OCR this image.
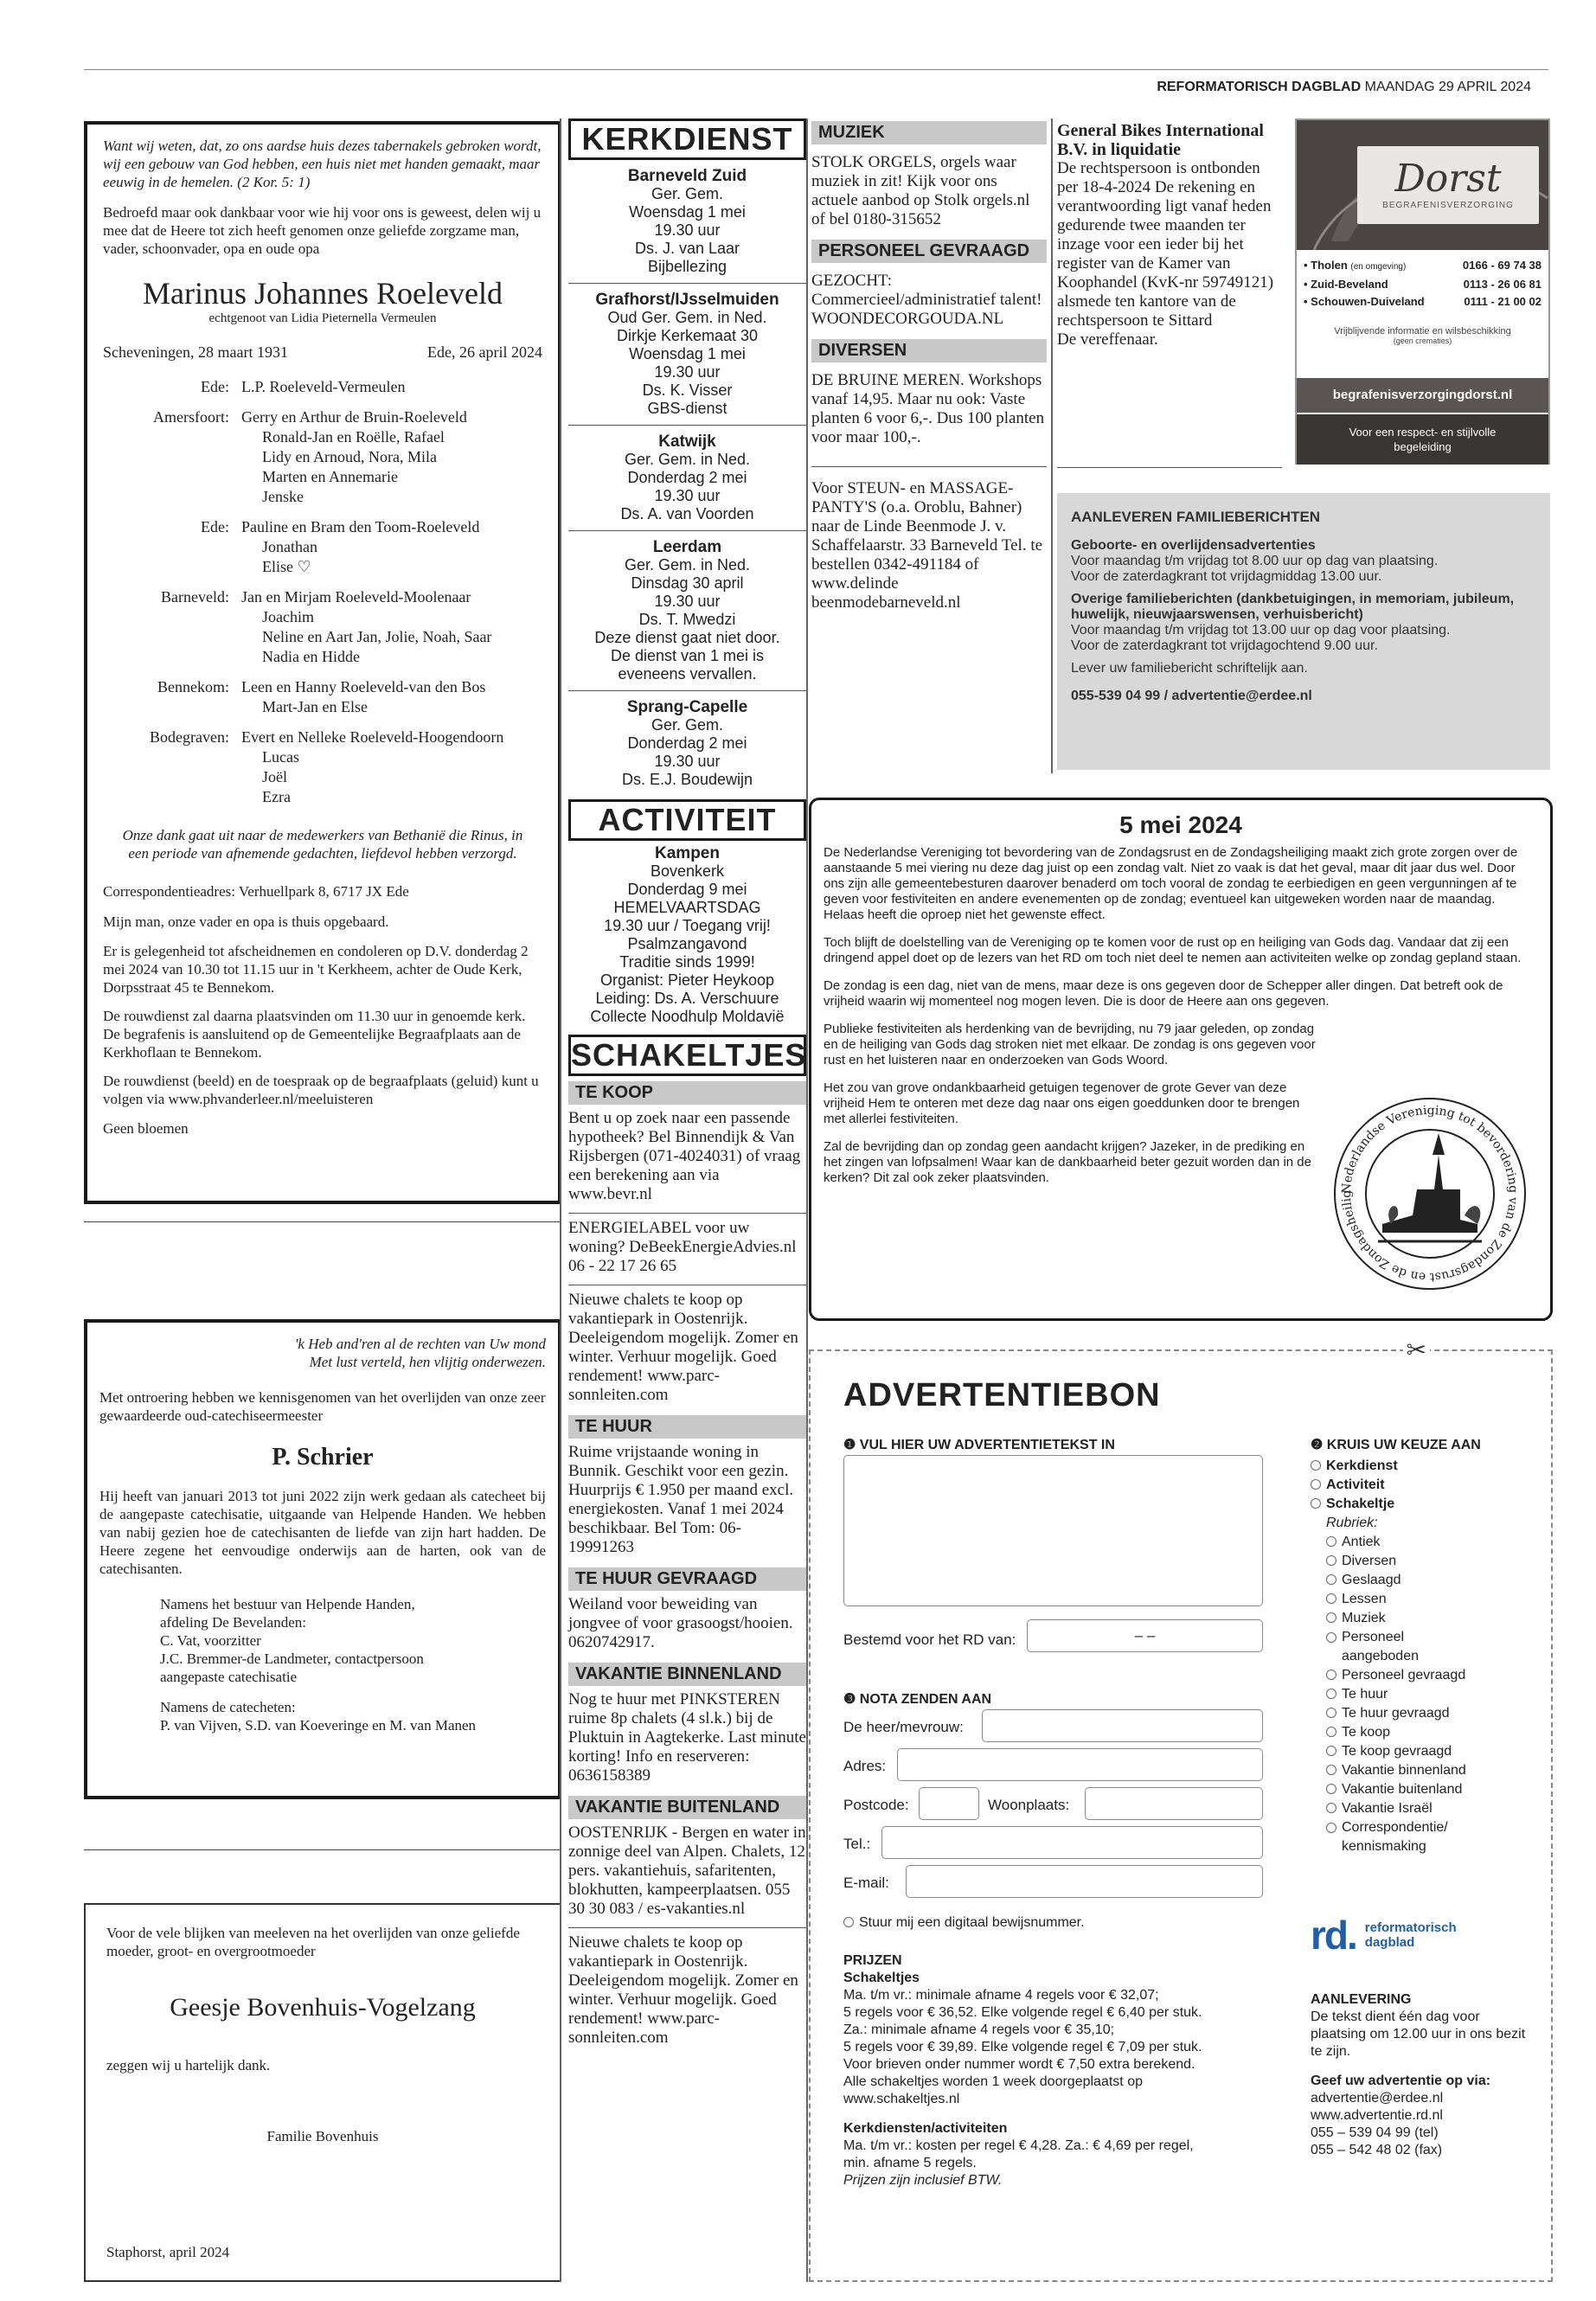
REFORMATORISCH DAGBLAD MAANDAG 29 APRIL 2024
Want wij weten, dat, zo ons aardse huis dezes tabernakels gebroken wordt, wij een gebouw van God hebben, een huis niet met handen gemaakt, maar eeuwig in de hemelen. (2 Kor. 5: 1)
Bedroefd maar ook dankbaar voor wie hij voor ons is geweest, delen wij u mee dat de Heere tot zich heeft genomen onze geliefde zorgzame man, vader, schoonvader, opa en oude opa
Marinus Johannes Roeleveld
echtgenoot van Lidia Pieternella Vermeulen
Scheveningen, 28 maart 1931	Ede, 26 april 2024
Ede: L.P. Roeleveld-Vermeulen
Amersfoort: Gerry en Arthur de Bruin-Roeleveld
Ronald-Jan en Roëlle, Rafael
Lidy en Arnoud, Nora, Mila
Marten en Annemarie
Jenske
Ede: Pauline en Bram den Toom-Roeleveld
Jonathan
Elise ♡
Barneveld: Jan en Mirjam Roeleveld-Moolenaar
Joachim
Neline en Aart Jan, Jolie, Noah, Saar
Nadia en Hidde
Bennekom: Leen en Hanny Roeleveld-van den Bos
Mart-Jan en Else
Bodegraven: Evert en Nelleke Roeleveld-Hoogendoorn
Lucas
Joël
Ezra
Onze dank gaat uit naar de medewerkers van Bethanië die Rinus, in een periode van afnemende gedachten, liefdevol hebben verzorgd.
Correspondentieadres: Verhuellpark 8, 6717 JX Ede
Mijn man, onze vader en opa is thuis opgebaard.
Er is gelegenheid tot afscheidnemen en condoleren op D.V. donderdag 2 mei 2024 van 10.30 tot 11.15 uur in 't Kerkheem, achter de Oude Kerk, Dorpsstraat 45 te Bennekom.
De rouwdienst zal daarna plaatsvinden om 11.30 uur in genoemde kerk. De begrafenis is aansluitend op de Gemeentelijke Begraafplaats aan de Kerkhoflaan te Bennekom.
De rouwdienst (beeld) en de toespraak op de begraafplaats (geluid) kunt u volgen via www.phvanderleer.nl/meeluisteren
Geen bloemen
'k Heb and'ren al de rechten van Uw mond
Met lust verteld, hen vlijtig onderwezen.
Met ontroering hebben we kennisgenomen van het overlijden van onze zeer gewaardeerde oud-catechiseermeester
P. Schrier
Hij heeft van januari 2013 tot juni 2022 zijn werk gedaan als catecheet bij de aangepaste catechisatie, uitgaande van Helpende Handen. We hebben van nabij gezien hoe de catechisanten de liefde van zijn hart hadden. De Heere zegene het eenvoudige onderwijs aan de harten, ook van de catechisanten.
Namens het bestuur van Helpende Handen,
afdeling De Bevelanden:
C. Vat, voorzitter
J.C. Bremmer-de Landmeter, contactpersoon
aangepaste catechisatie
Namens de catecheten:
P. van Vijven, S.D. van Koeveringe en M. van Manen
Voor de vele blijken van meeleven na het overlijden van onze geliefde moeder, groot- en overgrootmoeder
Geesje Bovenhuis-Vogelzang
zeggen wij u hartelijk dank.
Familie Bovenhuis
Staphorst, april 2024
KERKDIENST
Barneveld Zuid
Ger. Gem.
Woensdag 1 mei
19.30 uur
Ds. J. van Laar
Bijbellezing
Grafhorst/IJsselmuiden
Oud Ger. Gem. in Ned.
Dirkje Kerkemaat 30
Woensdag 1 mei
19.30 uur
Ds. K. Visser
GBS-dienst
Katwijk
Ger. Gem. in Ned.
Donderdag 2 mei
19.30 uur
Ds. A. van Voorden
Leerdam
Ger. Gem. in Ned.
Dinsdag 30 april
19.30 uur
Ds. T. Mwedzi
Deze dienst gaat niet door.
De dienst van 1 mei is
eveneens vervallen.
Sprang-Capelle
Ger. Gem.
Donderdag 2 mei
19.30 uur
Ds. E.J. Boudewijn
ACTIVITEIT
Kampen
Bovenkerk
Donderdag 9 mei
HEMELVAARTSDAG
19.30 uur / Toegang vrij!
Psalmzangavond
Traditie sinds 1999!
Organist: Pieter Heykoop
Leiding: Ds. A. Verschuure
Collecte Noodhulp Moldavië
SCHAKELTJES
TE KOOP
Bent u op zoek naar een passende hypotheek? Bel Binnendijk & Van Rijsbergen (071-4024031) of vraag een berekening aan via www.bevr.nl
ENERGIELABEL voor uw woning? DeBeekEnergieAdvies.nl 06 - 22 17 26 65
Nieuwe chalets te koop op vakantiepark in Oostenrijk. Deeleigendom mogelijk. Zomer en winter. Verhuur mogelijk. Goed rendement! www.parc-sonnleiten.com
TE HUUR
Ruime vrijstaande woning in Bunnik. Geschikt voor een gezin. Huurprijs € 1.950 per maand excl. energiekosten. Vanaf 1 mei 2024 beschikbaar. Bel Tom: 06-19991263
TE HUUR GEVRAAGD
Weiland voor beweiding van jongvee of voor grasoogst/hooien. 0620742917.
VAKANTIE BINNENLAND
Nog te huur met PINKSTEREN ruime 8p chalets (4 sl.k.) bij de Pluktuin in Aagtekerke. Last minute korting! Info en reserveren: 0636158389
VAKANTIE BUITENLAND
OOSTENRIJK - Bergen en water in zonnige deel van Alpen. Chalets, 12 pers. vakantiehuis, safaritenten, blokhutten, kampeerplaatsen. 055 30 30 083 / es-vakanties.nl
Nieuwe chalets te koop op vakantiepark in Oostenrijk. Deeleigendom mogelijk. Zomer en winter. Verhuur mogelijk. Goed rendement! www.parc-sonnleiten.com
MUZIEK
STOLK ORGELS, orgels waar muziek in zit! Kijk voor ons actuele aanbod op Stolk orgels.nl of bel 0180-315652
PERSONEEL GEVRAAGD
GEZOCHT: Commercieel/administratief talent! WOONDECORGOUDA.NL
DIVERSEN
DE BRUINE MEREN. Workshops vanaf 14,95. Maar nu ook: Vaste planten 6 voor 6,-. Dus 100 planten voor maar 100,-.
Voor STEUN- en MASSAGE-PANTY'S (o.a. Oroblu, Bahner) naar de Linde Beenmode J. v. Schaffelaarstr. 33 Barneveld Tel. te bestellen 0342-491184 of www.delinde beenmodebarneveld.nl
General Bikes International
B.V. in liquidatie
De rechtspersoon is ontbonden per 18-4-2024 De rekening en verantwoording ligt vanaf heden gedurende twee maanden ter inzage voor een ieder bij het register van de Kamer van Koophandel (KvK-nr 59749121) alsmede ten kantore van de rechtspersoon te Sittard
De vereffenaar.
Dorst
BEGRAFENISVERZORGING
• Tholen (en omgeving)	0166 - 69 74 38
• Zuid-Beveland	0113 - 26 06 81
• Schouwen-Duiveland	0111 - 21 00 02
Vrijblijvende informatie en wilsbeschikking
(geen crematies)
begrafenisverzorgingdorst.nl
Voor een respect- en stijlvolle begeleiding
AANLEVEREN FAMILIEBERICHTEN
Geboorte- en overlijdensadvertenties
Voor maandag t/m vrijdag tot 8.00 uur op dag van plaatsing.
Voor de zaterdagkrant tot vrijdagmiddag 13.00 uur.
Overige familieberichten (dankbetuigingen, in memoriam, jubileum, huwelijk, nieuwjaarswensen, verhuisbericht)
Voor maandag t/m vrijdag tot 13.00 uur op dag voor plaatsing.
Voor de zaterdagkrant tot vrijdagochtend 9.00 uur.
Lever uw familiebericht schriftelijk aan.
055-539 04 99 / advertentie@erdee.nl
5 mei 2024
De Nederlandse Vereniging tot bevordering van de Zondagsrust en de Zondagsheiliging maakt zich grote zorgen over de aanstaande 5 mei viering nu deze dag juist op een zondag valt. Niet zo vaak is dat het geval, maar dit jaar dus wel. Door ons zijn alle gemeentebesturen daarover benaderd om toch vooral de zondag te eerbiedigen en geen vergunningen af te geven voor festiviteiten en andere evenementen op de zondag; eventueel kan uitgeweken worden naar de maandag. Helaas heeft die oproep niet het gewenste effect.
Toch blijft de doelstelling van de Vereniging op te komen voor de rust op en heiliging van Gods dag. Vandaar dat zij een dringend appel doet op de lezers van het RD om toch niet deel te nemen aan activiteiten welke op zondag gepland staan.
De zondag is een dag, niet van de mens, maar deze is ons gegeven door de Schepper aller dingen. Dat betreft ook de vrijheid waarin wij momenteel nog mogen leven. Die is door de Heere aan ons gegeven.
Publieke festiviteiten als herdenking van de bevrijding, nu 79 jaar geleden, op zondag en de heiliging van Gods dag stroken niet met elkaar. De zondag is ons gegeven voor rust en het luisteren naar en onderzoeken van Gods Woord.
Het zou van grove ondankbaarheid getuigen tegenover de grote Gever van deze vrijheid Hem te onteren met deze dag naar ons eigen goeddunken door te brengen met allerlei festiviteiten.
Zal de bevrijding dan op zondag geen aandacht krijgen? Jazeker, in de prediking en het zingen van lofpsalmen! Waar kan de dankbaarheid beter gezuit worden dan in de kerken? Dit zal ook zeker plaatsvinden.
Nederlandse Vereniging tot bevordering van de Zondagsrust en de Zondagsheilig
✂
ADVERTENTIEBON
❶ VUL HIER UW ADVERTENTIETEKST IN
Bestemd voor het RD van:	– –
❸ NOTA ZENDEN AAN
De heer/mevrouw:
Adres:
Postcode:	Woonplaats:
Tel.:
E-mail:
Stuur mij een digitaal bewijsnummer.
PRIJZEN
Schakeltjes
Ma. t/m vr.: minimale afname 4 regels voor € 32,07;
5 regels voor € 36,52. Elke volgende regel € 6,40 per stuk.
Za.: minimale afname 4 regels voor € 35,10;
5 regels voor € 39,89. Elke volgende regel € 7,09 per stuk.
Voor brieven onder nummer wordt € 7,50 extra berekend.
Alle schakeltjes worden 1 week doorgeplaatst op
www.schakeltjes.nl
Kerkdiensten/activiteiten
Ma. t/m vr.: kosten per regel € 4,28. Za.: € 4,69 per regel,
min. afname 5 regels.
Prijzen zijn inclusief BTW.
❷ KRUIS UW KEUZE AAN
Kerkdienst
Activiteit
Schakeltje
Rubriek:
Antiek
Diversen
Geslaagd
Lessen
Muziek
Personeel aangeboden
Personeel gevraagd
Te huur
Te huur gevraagd
Te koop
Te koop gevraagd
Vakantie binnenland
Vakantie buitenland
Vakantie Israël
Correspondentie/ kennismaking
rd. reformatorisch
dagblad
AANLEVERING
De tekst dient één dag voor plaatsing om 12.00 uur in ons bezit te zijn.
Geef uw advertentie op via:
advertentie@erdee.nl
www.advertentie.rd.nl
055 – 539 04 99 (tel)
055 – 542 48 02 (fax)
